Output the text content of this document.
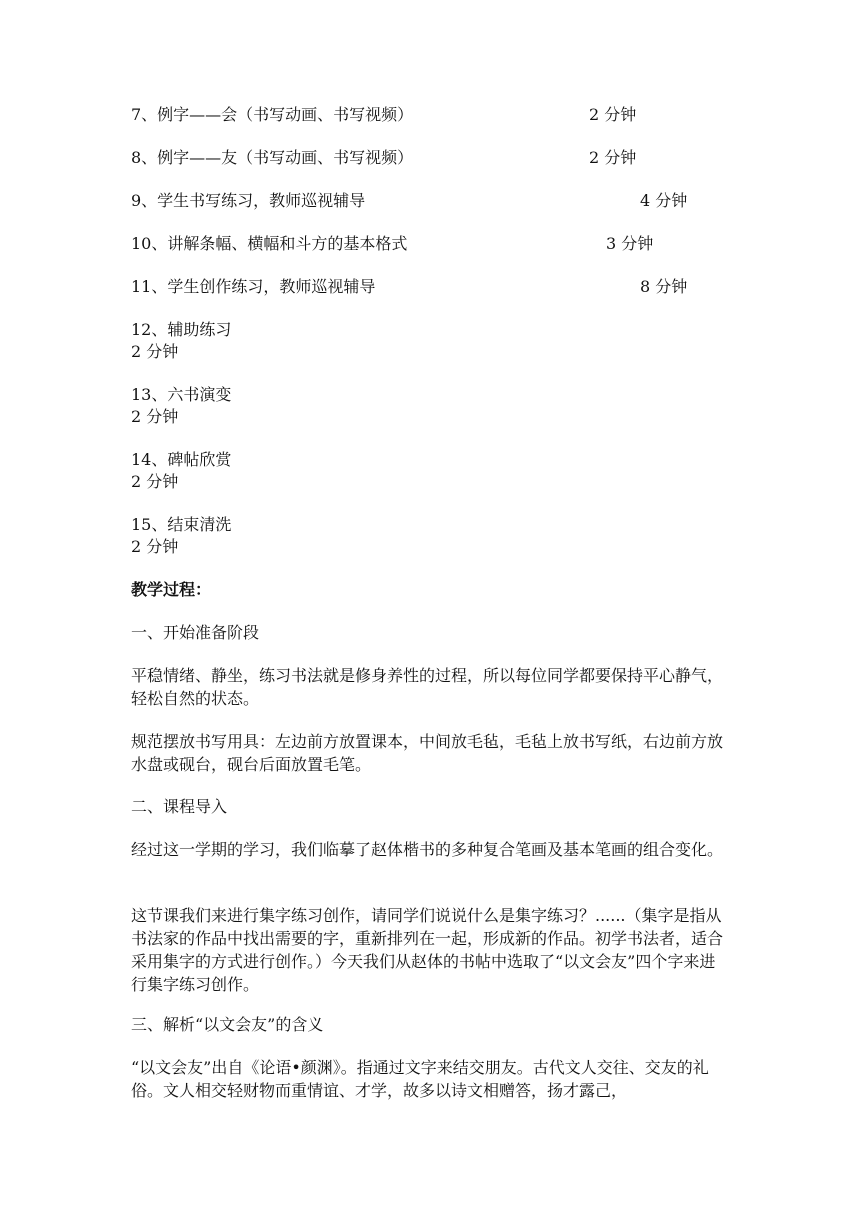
7、例字——会（书写动画、书写视频）	2 分钟
8、例字——友（书写动画、书写视频）	2 分钟
9、学生书写练习，教师巡视辅导	4 分钟
10、讲解条幅、横幅和斗方的基本格式	3 分钟
11、学生创作练习，教师巡视辅导	8 分钟
12、辅助练习
2 分钟
13、六书演变
2 分钟
14、碑帖欣赏
2 分钟
15、结束清洗
2 分钟
教学过程：
一、开始准备阶段
平稳情绪、静坐，练习书法就是修身养性的过程，所以每位同学都要保持平心静气，轻松自然的状态。
规范摆放书写用具：左边前方放置课本，中间放毛毡，毛毡上放书写纸，右边前方放水盘或砚台，砚台后面放置毛笔。
二、课程导入
经过这一学期的学习，我们临摹了赵体楷书的多种复合笔画及基本笔画的组合变化。
这节课我们来进行集字练习创作，请同学们说说什么是集字练习？......（集字是指从书法家的作品中找出需要的字，重新排列在一起，形成新的作品。初学书法者，适合采用集字的方式进行创作。）今天我们从赵体的书帖中选取了“以文会友”四个字来进行集字练习创作。
三、解析“以文会友”的含义
“以文会友”出自《论语•颜渊》。指通过文字来结交朋友。古代文人交往、交友的礼俗。文人相交轻财物而重情谊、才学，故多以诗文相赠答，扬才露己，
